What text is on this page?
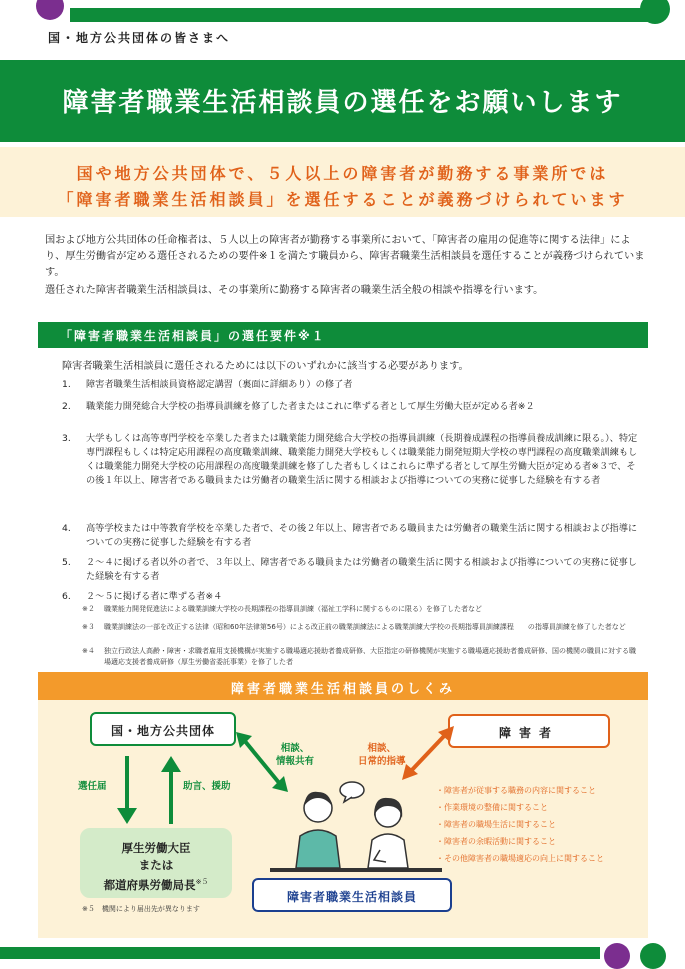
国・地方公共団体の皆さまへ
障害者職業生活相談員の選任をお願いします
国や地方公共団体で、５人以上の障害者が勤務する事業所では
「障害者職業生活相談員」を選任することが義務づけられています

国および地方公共団体の任命権者は、５人以上の障害者が勤務する事業所において、「障害者の雇用の促進等に関する法律」により、厚生労働省が定める選任されるための要件※１を満たす職員から、障害者職業生活相談員を選任することが義務づけられています。

選任された障害者職業生活相談員は、その事業所に勤務する障害者の職業生活全般の相談や指導を行います。

「障害者職業生活相談員」の選任要件※１
障害者職業生活相談員に選任されるためには以下のいずれかに該当する必要があります。
1.	障害者職業生活相談員資格認定講習（裏面に詳細あり）の修了者
2.	職業能力開発総合大学校の指導員訓練を修了した者またはこれに準ずる者として厚生労働大臣が定める者※２
3.	大学もしくは高等専門学校を卒業した者または職業能力開発総合大学校の指導員訓練（長期養成課程の指導員養成訓練に限る。）、特定専門課程もしくは特定応用課程の高度職業訓練、職業能力開発大学校もしくは職業能力開発短期大学校の専門課程の高度職業訓練もしくは職業能力開発大学校の応用課程の高度職業訓練を修了した者もしくはこれらに準ずる者として厚生労働大臣が定める者※３で、その後１年以上、障害者である職員または労働者の職業生活に関する相談および指導についての実務に従事した経験を有する者
4.	高等学校または中等教育学校を卒業した者で、その後２年以上、障害者である職員または労働者の職業生活に関する相談および指導についての実務に従事した経験を有する者
5.	２～４に掲げる者以外の者で、３年以上、障害者である職員または労働者の職業生活に関する相談および指導についての実務に従事した経験を有する者
6.	２～５に掲げる者に準ずる者※４
※２ 職業能力開発促進法による職業訓練大学校の長期課程の指導員訓練（福祉工学科に関するものに限る）を修了した者など
※３ 職業訓練法の一部を改正する法律（昭和60年法律第56号）による改正前の職業訓練法による職業訓練大学校の長期指導員訓練課程　　の指導員訓練を修了した者など
※４ 独立行政法人高齢・障害・求職者雇用支援機構が実施する職場適応援助者養成研修、大臣指定の研修機関が実施する職場適応援助者養成研修、国の機関の職員に対する職場適応支援者養成研修（厚生労働省委託事業）を修了した者
障害者職業生活相談員のしくみ
国・地方公共団体	障害者
選任届	助言、援助
相談、
情報共有
相談、
日常的指導
・障害者が従事する職務の内容に関すること
・作業環境の整備に関すること
・障害者の職場生活に関すること
・障害者の余暇活動に関すること
・その他障害者の職場適応の向上に関すること
厚生労働大臣
または
都道府県労働局長$^{※5}$
障害者職業生活相談員
※５　機関により届出先が異なります
